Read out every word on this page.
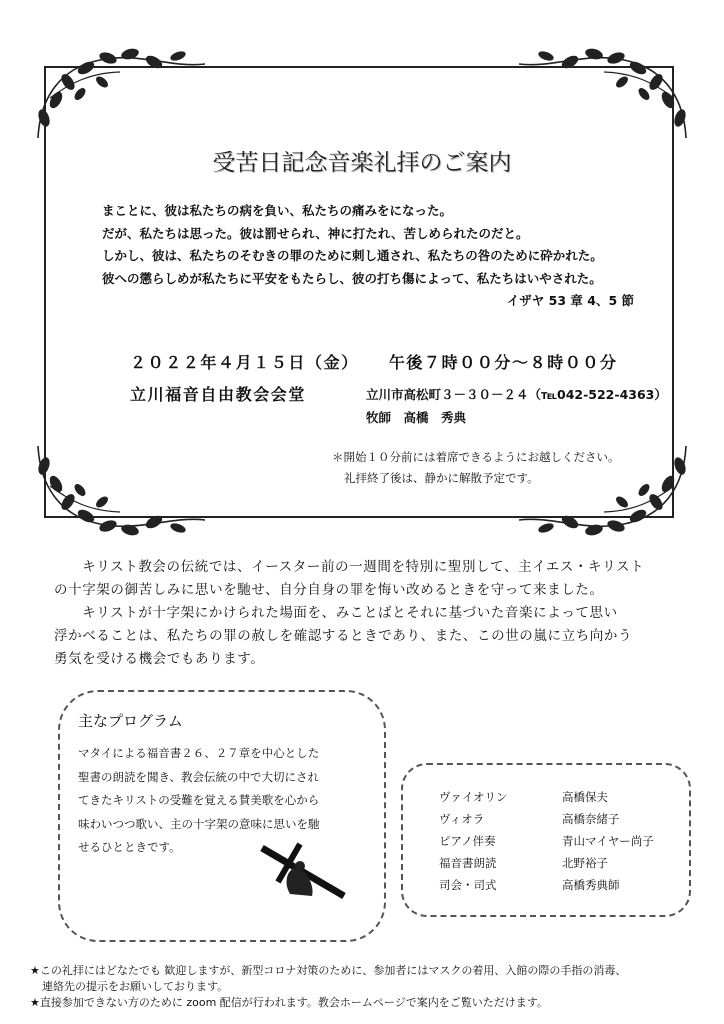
受苦日記念音楽礼拝のご案内
まことに、彼は私たちの病を負い、私たちの痛みをになった。
だが、私たちは思った。彼は罰せられ、神に打たれ、苦しめられたのだと。
しかし、彼は、私たちのそむきの罪のために刺し通され、私たちの咎のために砕かれた。
彼への懲らしめが私たちに平安をもたらし、彼の打ち傷によって、私たちはいやされた。
イザヤ 53 章 4、5 節
２０２２年４月１５日（金） 午後７時００分～８時００分
立川福音自由教会会堂	立川市高松町３－３０－２４（℡042-522-4363）
牧師　高橋　秀典
＊開始１０分前には着席できるようにお越しください。
礼拝終了後は、静かに解散予定です。
　　キリスト教会の伝統では、イースター前の一週間を特別に聖別して、主イエス・キリスト
の十字架の御苦しみに思いを馳せ、自分自身の罪を悔い改めるときを守って来ました。
　　キリストが十字架にかけられた場面を、みことばとそれに基づいた音楽によって思い
浮かべることは、私たちの罪の赦しを確認するときであり、また、この世の嵐に立ち向かう
勇気を受ける機会でもあります。
主なプログラム
マタイによる福音書２６、２７章を中心とした
聖書の朗読を聞き、教会伝統の中で大切にされ
てきたキリストの受難を覚える賛美歌を心から
味わいつつ歌い、主の十字架の意味に思いを馳
せるひとときです。
ヴァイオリン	高橋保夫
ヴィオラ	高橋奈緒子
ピアノ伴奏	青山マイヤー尚子
福音書朗読	北野裕子
司会・司式	高橋秀典師
★この礼拝にはどなたでも 歓迎しますが、新型コロナ対策のために、参加者にはマスクの着用、入館の際の手指の消毒、
連絡先の提示をお願いしております。
★直接参加できない方のために zoom 配信が行われます。教会ホームページで案内をご覧いただけます。
